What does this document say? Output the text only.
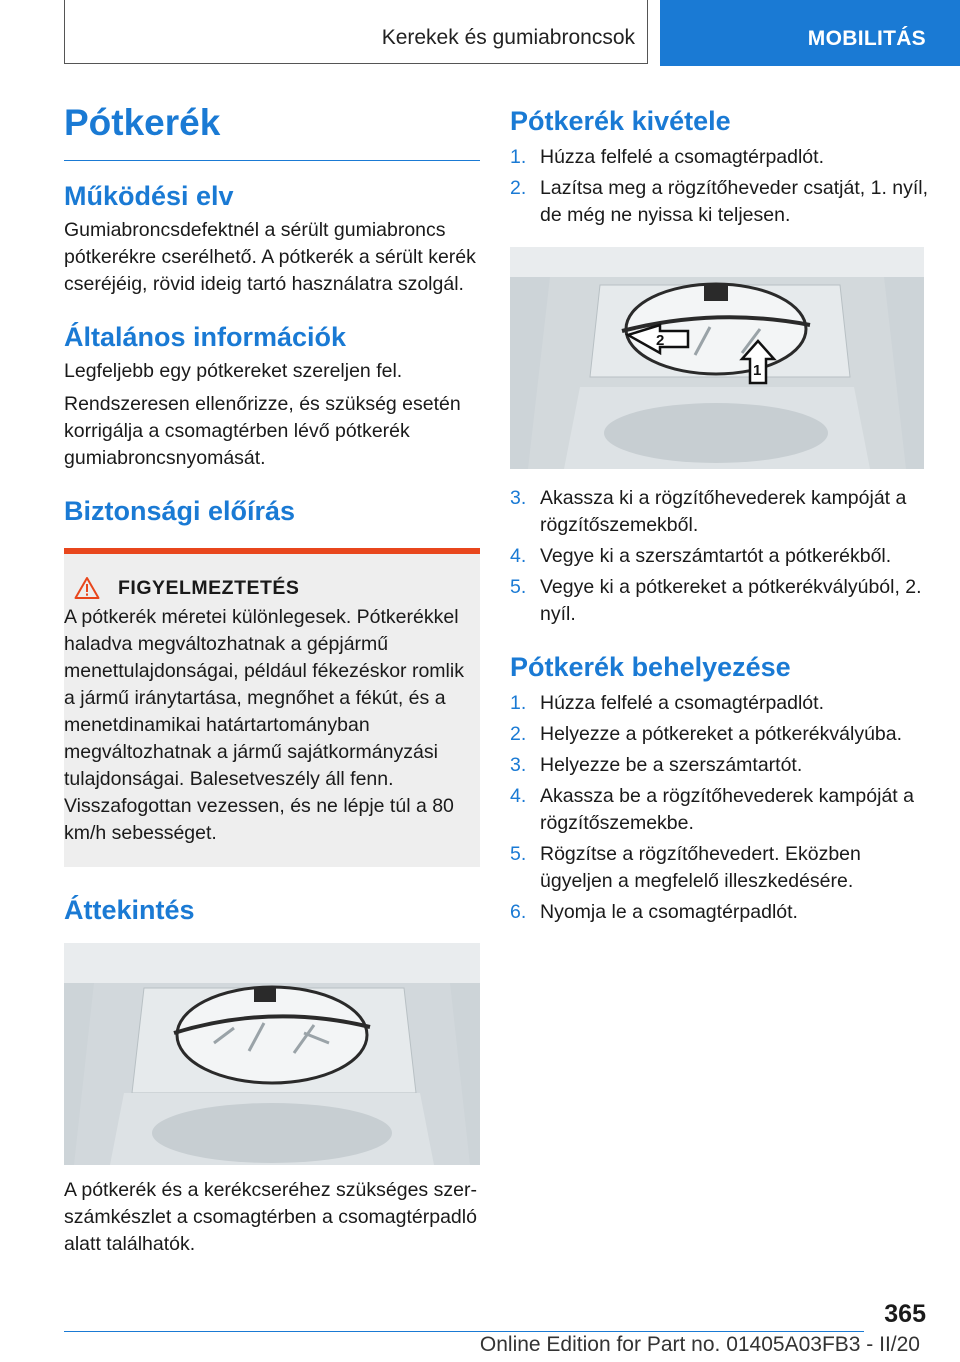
Kerekek és gumiabroncsok	MOBILITÁS
Pótkerék
Működési elv

Gumiabroncsdefektnél a sérült gumiabroncs pótkerékre cserélhető. A pótkerék a sérült kerék cseréjéig, rövid ideig tartó használatra szolgál.

Általános információk

Legfeljebb egy pótkereket szereljen fel.

Rendszeresen ellenőrizze, és szükség esetén korrigálja a csomagtérben lévő pótkerék gumiabroncsnyomását.

Biztonsági előírás
FIGYELMEZTETÉS

A pótkerék méretei különlegesek. Pótkerékkel haladva megváltozhatnak a gépjármű menettulajdonságai, például fékezéskor romlik a jármű iránytartása, megnőhet a fékút, és a menetdinamikai határtartományban megváltozhatnak a jármű sajátkormányzási tulajdonságai. Balesetveszély áll fenn. Visszafogottan vezessen, és ne lépje túl a 80 km/h sebességet.

Áttekintés

A pótkerék és a kerékcseréhez szükséges szerszámkészlet a csomagtérben a csomagtérpadló alatt találhatók.

Pótkerék kivétele
1. Húzza felfelé a csomagtérpadlót.
2. Lazítsa meg a rögzítőheveder csatját, 1. nyíl, de még ne nyissa ki teljesen.
2
1
3. Akassza ki a rögzítőhevederek kampóját a rögzítőszemekből.
4. Vegye ki a szerszámtartót a pótkerékből.
5. Vegye ki a pótkereket a pótkerékvályúból, 2. nyíl.
Pótkerék behelyezése
1. Húzza felfelé a csomagtérpadlót.
2. Helyezze a pótkereket a pótkerékvályúba.
3. Helyezze be a szerszámtartót.
4. Akassza be a rögzítőhevederek kampóját a rögzítőszemekbe.
5. Rögzítse a rögzítőhevedert. Eközben ügyeljen a megfelelő illeszkedésére.
6. Nyomja le a csomagtérpadlót.
365
Online Edition for Part no. 01405A03FB3 - II/20
